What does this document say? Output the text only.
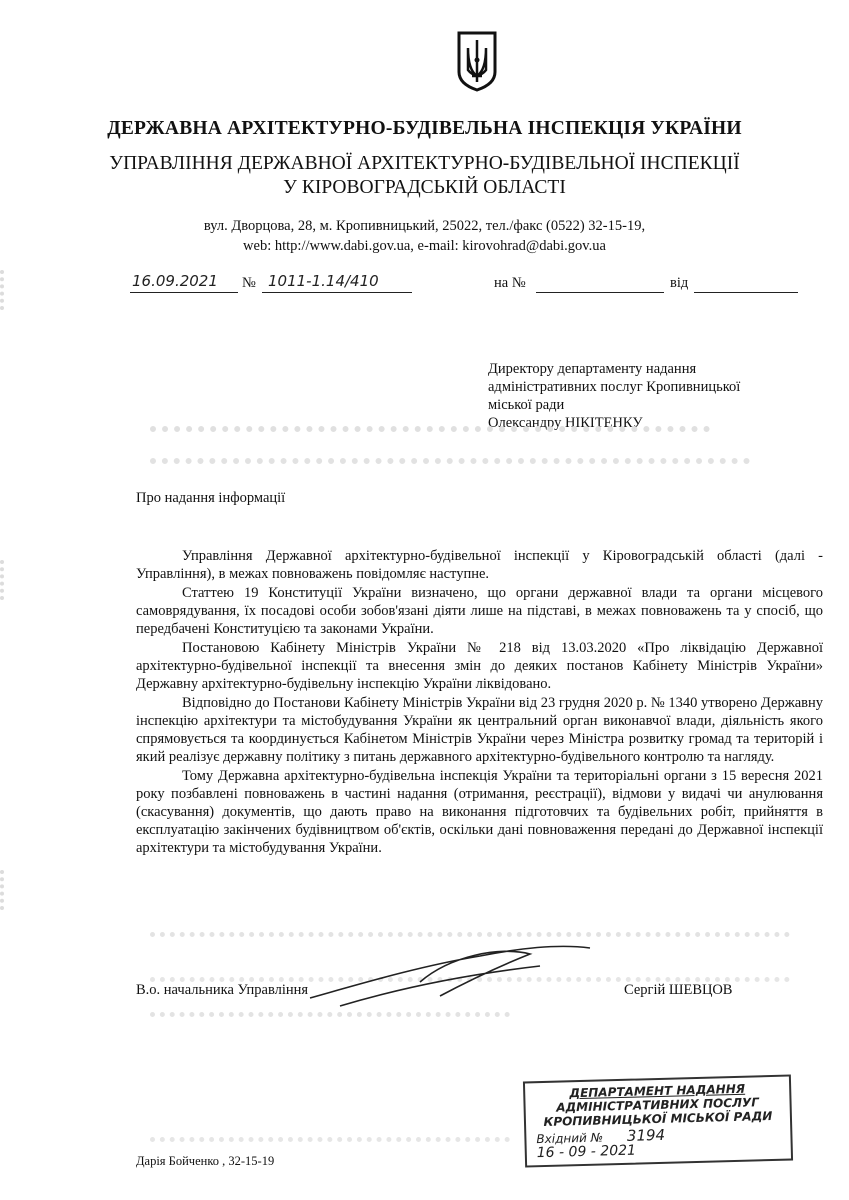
ДЕРЖАВНА АРХІТЕКТУРНО-БУДІВЕЛЬНА ІНСПЕКЦІЯ УКРАЇНИ
УПРАВЛІННЯ ДЕРЖАВНОЇ АРХІТЕКТУРНО-БУДІВЕЛЬНОЇ ІНСПЕКЦІЇ
У КІРОВОГРАДСЬКІЙ ОБЛАСТІ
вул. Дворцова, 28, м. Кропивницький, 25022, тел./факс (0522) 32-15-19,
web: http://www.dabi.gov.ua, e-mail: kirovohrad@dabi.gov.ua
16.09.2021 № 1011-1.14/410	на №	від
Директору департаменту надання
адміністративних послуг Кропивницької
міської ради
Олександру НІКІТЕНКУ
Про надання інформації

Управління Державної архітектурно-будівельної інспекції у Кіровоградській області (далі - Управління), в межах повноважень повідомляє наступне.

Статтею 19 Конституції України визначено, що органи державної влади та органи місцевого самоврядування, їх посадові особи зобов'язані діяти лише на підставі, в межах повноважень та у спосіб, що передбачені Конституцією та законами України.

Постановою Кабінету Міністрів України № 218 від 13.03.2020 «Про ліквідацію Державної архітектурно-будівельної інспекції та внесення змін до деяких постанов Кабінету Міністрів України» Державну архітектурно-будівельну інспекцію України ліквідовано.

Відповідно до Постанови Кабінету Міністрів України від 23 грудня 2020 р. № 1340 утворено Державну інспекцію архітектури та містобудування України як центральний орган виконавчої влади, діяльність якого спрямовується та координується Кабінетом Міністрів України через Міністра розвитку громад та територій і який реалізує державну політику з питань державного архітектурно-будівельного контролю та нагляду.

Тому Державна архітектурно-будівельна інспекція України та територіальні органи з 15 вересня 2021 року позбавлені повноважень в частині надання (отримання, реєстрації), відмови у видачі чи анулювання (скасування) документів, що дають право на виконання підготовчих та будівельних робіт, прийняття в експлуатацію закінчених будівництвом об'єктів, оскільки дані повноваження передані до Державної інспекції архітектури та містобудування України.

В.о. начальника Управління	Сергій ШЕВЦОВ
ДЕПАРТАМЕНТ НАДАННЯ
АДМІНІСТРАТИВНИХ ПОСЛУГ
КРОПИВНИЦЬКОЇ МІСЬКОЇ РАДИ
Вхідний № 3194
16 - 09 - 2021
Дарія Бойченко , 32-15-19
